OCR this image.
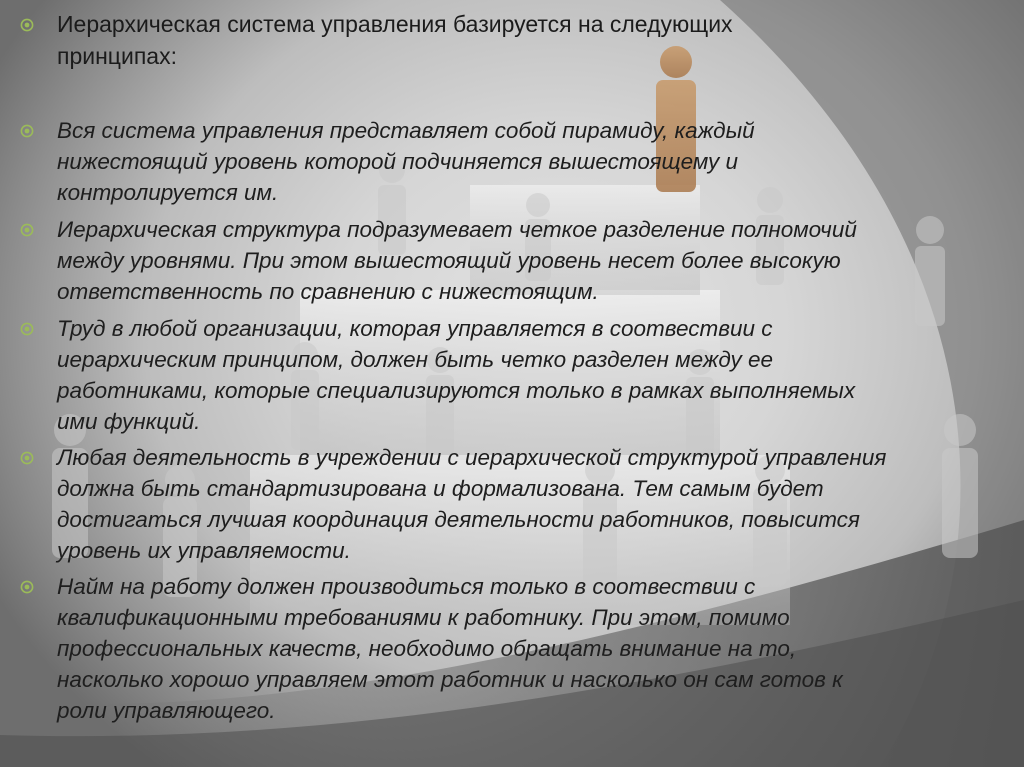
Иерархическая система управления базируется на следующих
принципах:
Вся система управления представляет собой пирамиду, каждый
нижестоящий уровень которой подчиняется вышестоящему и
контролируется им.
Иерархическая структура подразумевает четкое разделение полномочий
между уровнями. При этом вышестоящий уровень несет более высокую
ответственность по сравнению с нижестоящим.
Труд в любой организации, которая управляется в соотвествии с
иерархическим принципом, должен быть четко разделен между ее
работниками, которые специализируются только в рамках выполняемых
ими функций.
Любая деятельность в учреждении с иерархической структурой управления
должна быть стандартизирована и формализована. Тем самым будет
достигаться лучшая координация деятельности работников, повысится
уровень их управляемости.
Найм на работу должен производиться только в соотвествии с
квалификационными требованиями к работнику. При этом, помимо
профессиональных качеств, необходимо обращать внимание на то,
насколько хорошо управляем этот работник и насколько он сам готов к
роли управляющего.
